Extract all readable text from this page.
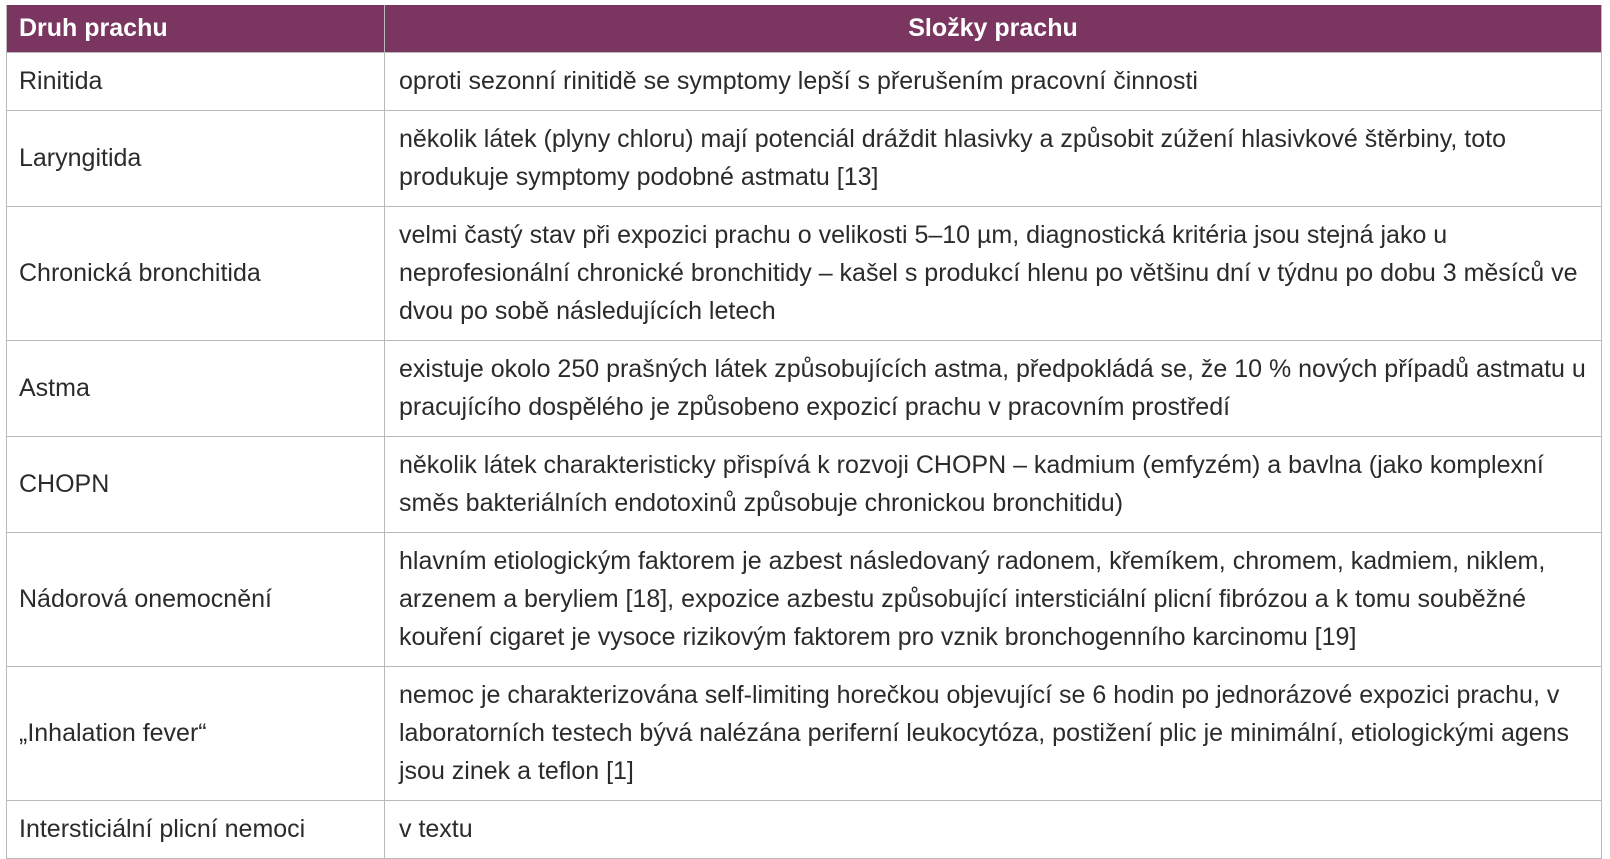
Druh prachu	Složky prachu
Rinitida	oproti sezonní rinitidě se symptomy lepší s přerušením pracovní činnosti
Laryngitida	několik látek (plyny chloru) mají potenciál dráždit hlasivky a způsobit zúžení hlasivkové štěrbiny, toto produkuje symptomy podobné astmatu [13]
Chronická bronchitida	velmi častý stav při expozici prachu o velikosti 5–10 µm, diagnostická kritéria jsou stejná jako u neprofesionální chronické bronchitidy – kašel s produkcí hlenu po většinu dní v týdnu po dobu 3 měsíců ve dvou po sobě následujících letech
Astma	existuje okolo 250 prašných látek způsobujících astma, předpokládá se, že 10 % nových případů astmatu u pracujícího dospělého je způsobeno expozicí prachu v pracovním prostředí
CHOPN	několik látek charakteristicky přispívá k rozvoji CHOPN – kadmium (emfyzém) a bavlna (jako komplexní směs bakteriálních endotoxinů způsobuje chronickou bronchitidu)
Nádorová onemocnění	hlavním etiologickým faktorem je azbest následovaný radonem, křemíkem, chromem, kadmiem, niklem, arzenem a beryliem [18], expozice azbestu způsobující intersticiální plicní fibrózou a k tomu souběžné kouření cigaret je vysoce rizikovým faktorem pro vznik bronchogenního karcinomu [19]
„Inhalation fever“	nemoc je charakterizována self-limiting horečkou objevující se 6 hodin po jednorázové expozici prachu, v laboratorních testech bývá nalézána periferní leukocytóza, postižení plic je minimální, etiologickými agens jsou zinek a teflon [1]
Intersticiální plicní nemoci	v textu
